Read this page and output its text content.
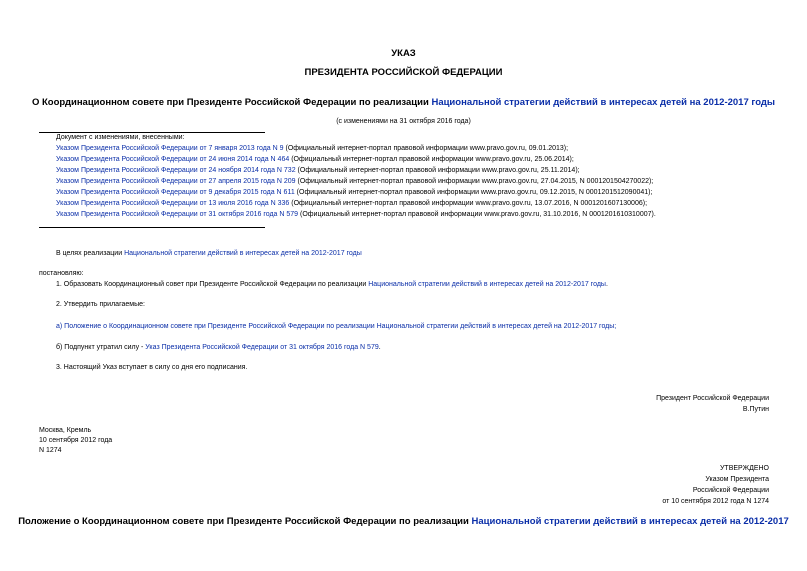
УКАЗ
ПРЕЗИДЕНТА РОССИЙСКОЙ ФЕДЕРАЦИИ
О Координационном совете при Президенте Российской Федерации по реализации Национальной стратегии действий в интересах детей на 2012-2017 годы
(с изменениями на 31 октября 2016 года)
Документ с изменениями, внесенными:
Указом Президента Российской Федерации от 7 января 2013 года N 9 (Официальный интернет-портал правовой информации www.pravo.gov.ru, 09.01.2013);
Указом Президента Российской Федерации от 24 июня 2014 года N 464 (Официальный интернет-портал правовой информации www.pravo.gov.ru, 25.06.2014);
Указом Президента Российской Федерации от 24 ноября 2014 года N 732 (Официальный интернет-портал правовой информации www.pravo.gov.ru, 25.11.2014);
Указом Президента Российской Федерации от 27 апреля 2015 года N 209 (Официальный интернет-портал правовой информации www.pravo.gov.ru, 27.04.2015, N 0001201504270022);
Указом Президента Российской Федерации от 9 декабря 2015 года N 611 (Официальный интернет-портал правовой информации www.pravo.gov.ru, 09.12.2015, N 0001201512090041);
Указом Президента Российской Федерации от 13 июля 2016 года N 336 (Официальный интернет-портал правовой информации www.pravo.gov.ru, 13.07.2016, N 0001201607130006);
Указом Президента Российской Федерации от 31 октября 2016 года N 579 (Официальный интернет-портал правовой информации www.pravo.gov.ru, 31.10.2016, N 0001201610310007).
В целях реализации Национальной стратегии действий в интересах детей на 2012-2017 годы
постановляю:
1. Образовать Координационный совет при Президенте Российской Федерации по реализации Национальной стратегии действий в интересах детей на 2012-2017 годы.
2. Утвердить прилагаемые:
а) Положение о Координационном совете при Президенте Российской Федерации по реализации Национальной стратегии действий в интересах детей на 2012-2017 годы;
б) Подпункт утратил силу - Указ Президента Российской Федерации от 31 октября 2016 года N 579.
3. Настоящий Указ вступает в силу со дня его подписания.
Президент Российской Федерации
В.Путин
Москва, Кремль
10 сентября 2012 года
N 1274
УТВЕРЖДЕНО
Указом Президента
Российской Федерации
от 10 сентября 2012 года N 1274
Положение о Координационном совете при Президенте Российской Федерации по реализации Национальной стратегии действий в интересах детей на 2012-2017
